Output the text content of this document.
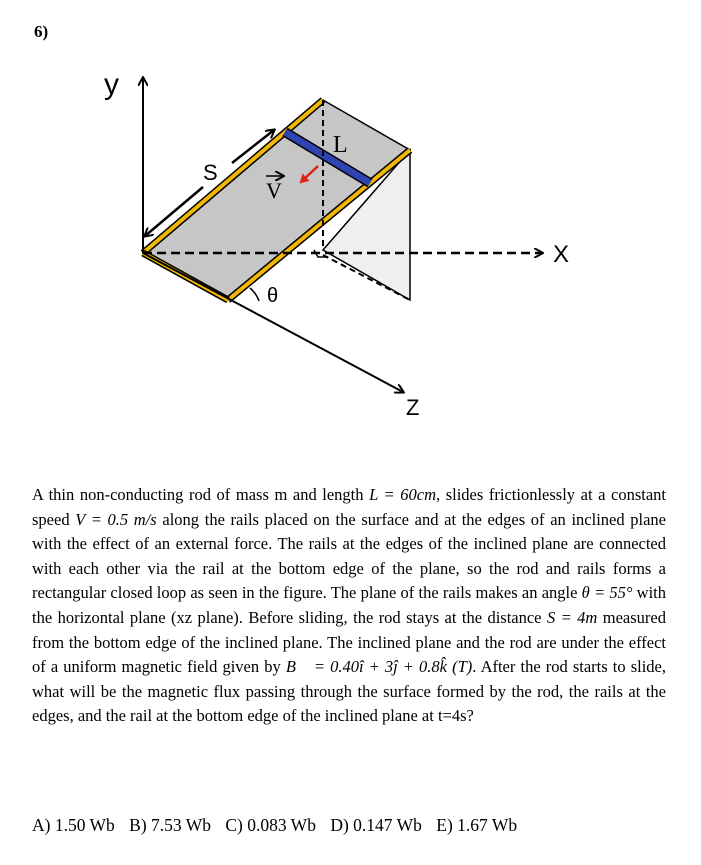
6)
y
X
Z
L
S
V
θ
A thin non-conducting rod of mass m and length L = 60cm, slides frictionlessly at a constant speed V = 0.5 m/s along the rails placed on the surface and at the edges of an inclined plane with the effect of an external force. The rails at the edges of the inclined plane are connected with each other via the rail at the bottom edge of the plane, so the rod and rails forms a rectangular closed loop as seen in the figure. The plane of the rails makes an angle θ = 55° with the horizontal plane (xz plane). Before sliding, the rod stays at the distance S = 4m measured from the bottom edge of the inclined plane. The inclined plane and the rod are under the effect of a uniform magnetic field given by B⃗ = 0.40î + 3ĵ + 0.8k̂ (T). After the rod starts to slide, what will be the magnetic flux passing through the surface formed by the rod, the rails at the edges, and the rail at the bottom edge of the inclined plane at t=4s?
A) 1.50 Wb B) 7.53 Wb C) 0.083 Wb D) 0.147 Wb E) 1.67 Wb
